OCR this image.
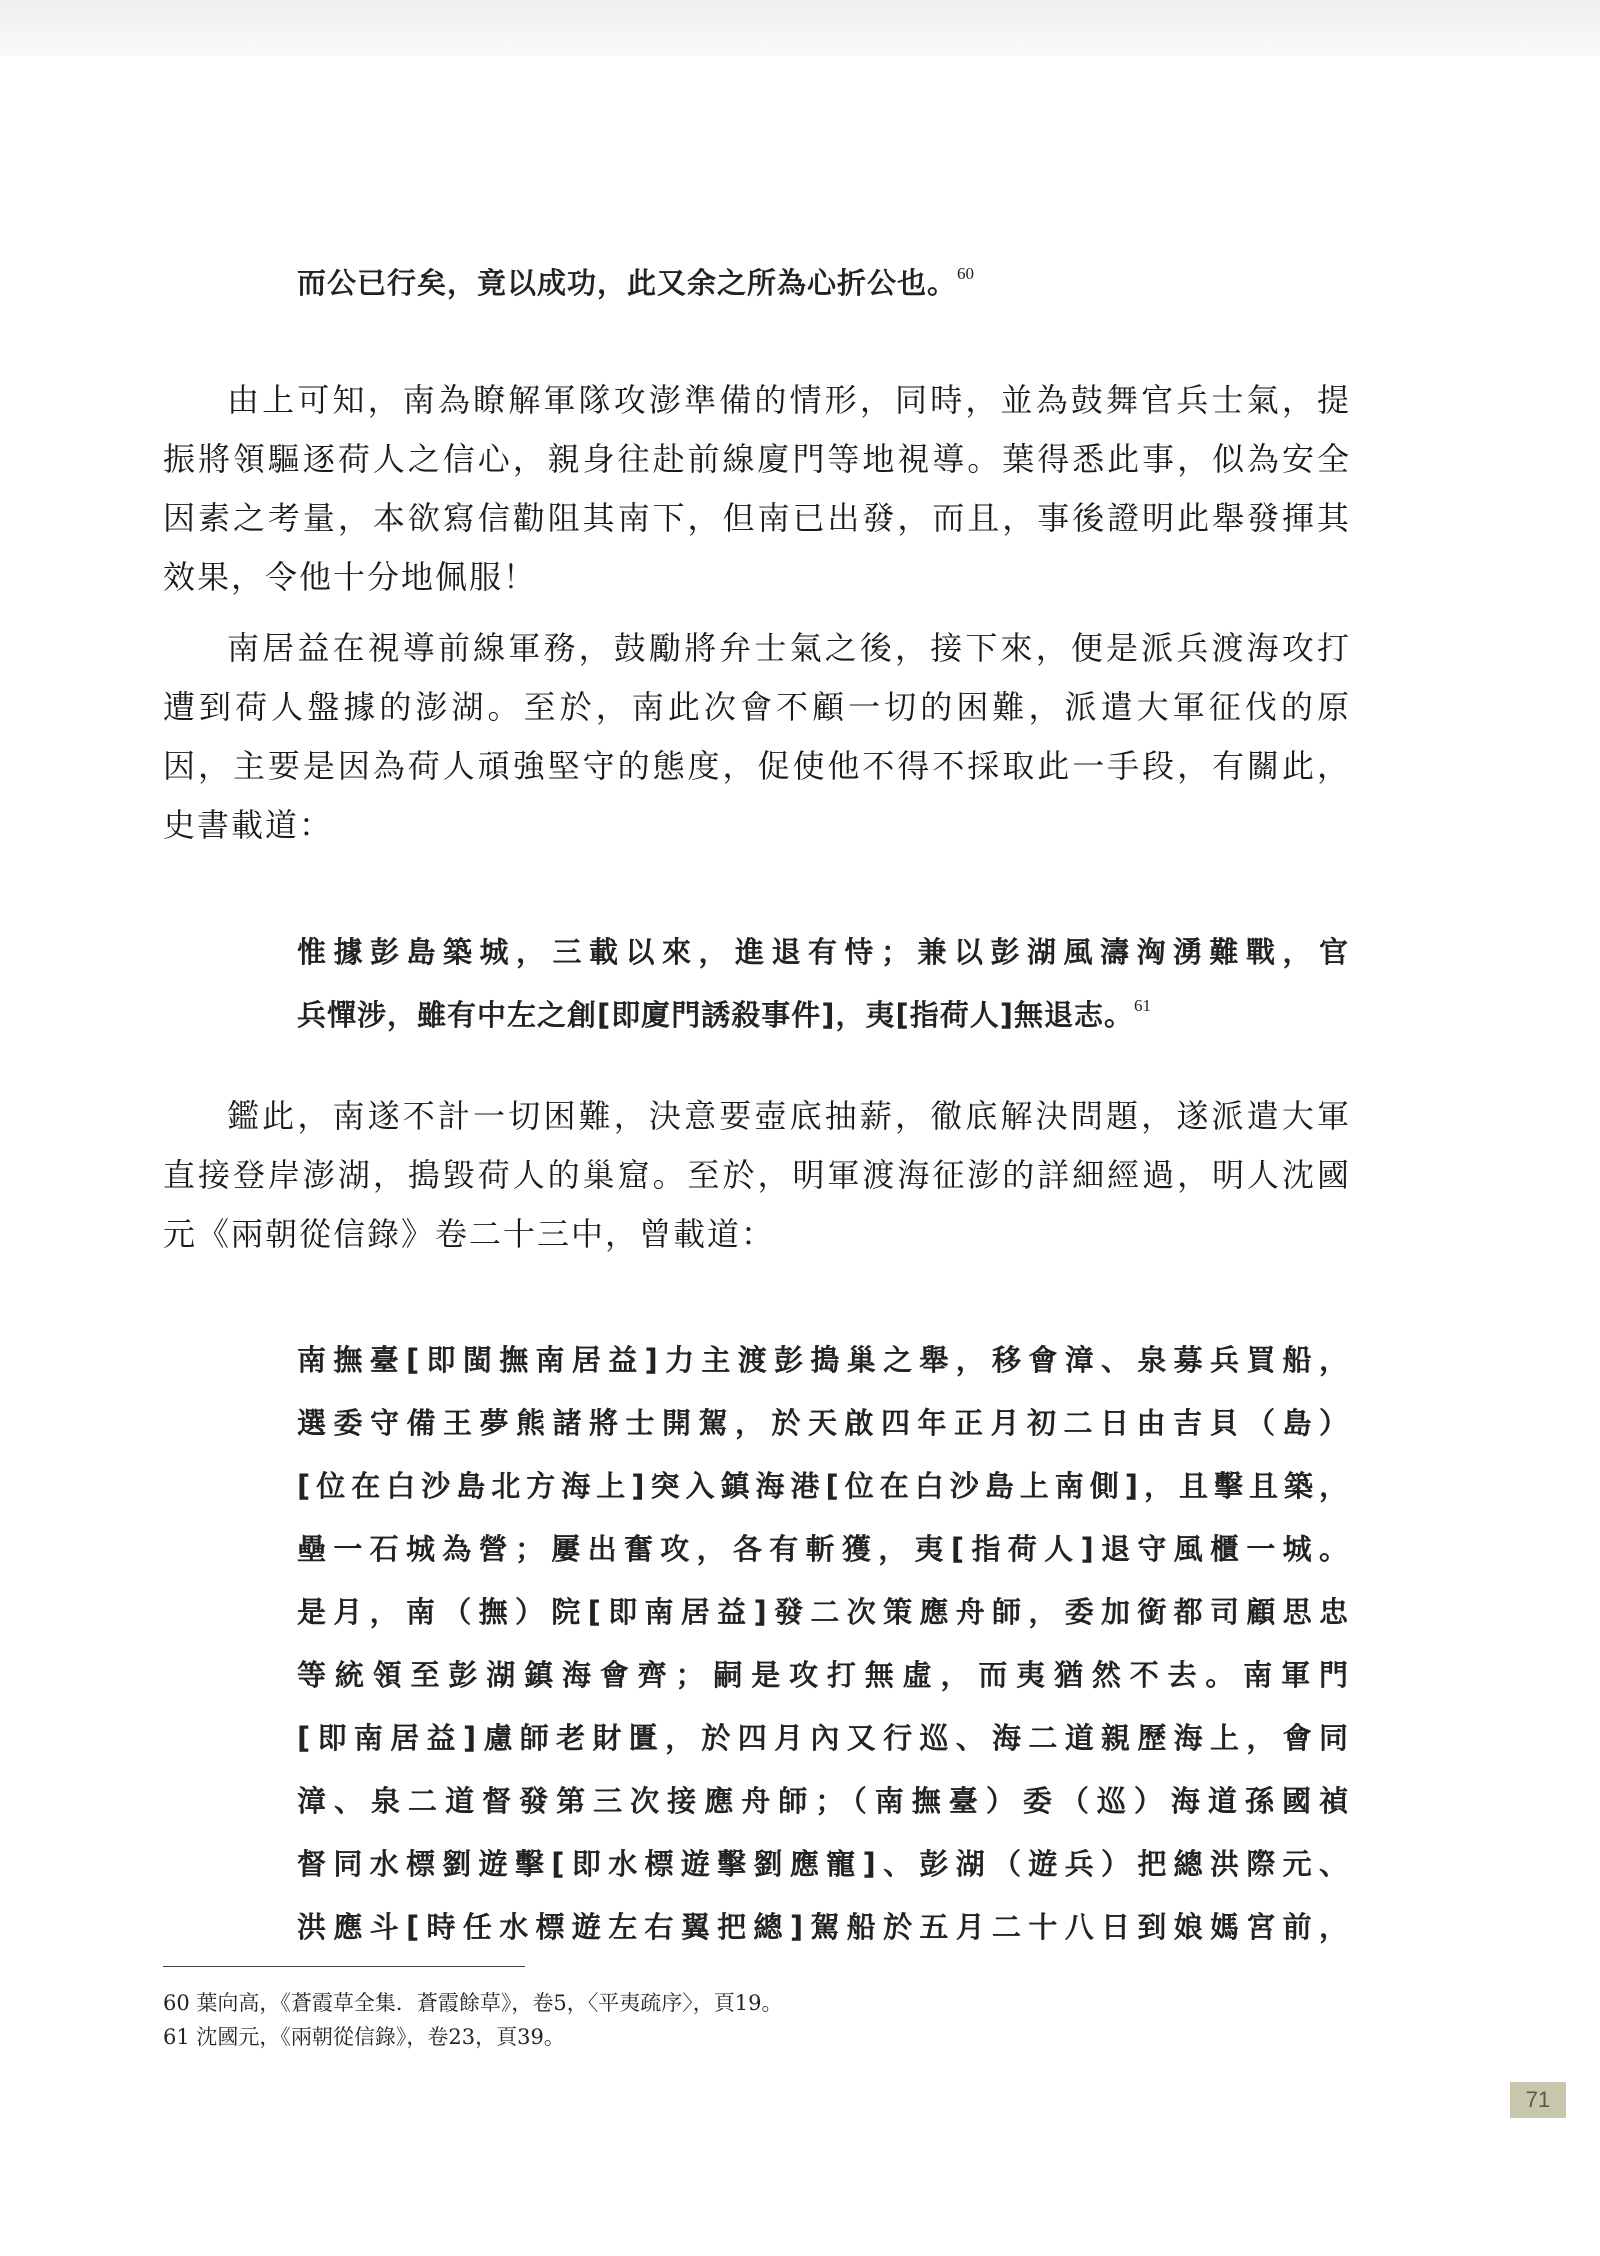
而公已行矣，竟以成功，此又余之所為心折公也。$^{60}$
由上可知，南為瞭解軍隊攻澎準備的情形，同時，並為鼓舞官兵士氣，提
振將領驅逐荷人之信心，親身往赴前線廈門等地視導。葉得悉此事，似為安全
因素之考量，本欲寫信勸阻其南下，但南已出發，而且，事後證明此舉發揮其
效果，令他十分地佩服！
南居益在視導前線軍務，鼓勵將弁士氣之後，接下來，便是派兵渡海攻打
遭到荷人盤據的澎湖。至於，南此次會不顧一切的困難，派遣大軍征伐的原
因，主要是因為荷人頑強堅守的態度，促使他不得不採取此一手段，有關此，
史書載道：
惟據彭島築城，三載以來，進退有恃；兼以彭湖風濤洶湧難戰，官
兵憚涉，雖有中左之創[即廈門誘殺事件]，夷[指荷人]無退志。$^{61}$
鑑此，南遂不計一切困難，決意要壺底抽薪，徹底解決問題，遂派遣大軍
直接登岸澎湖，搗毀荷人的巢窟。至於，明軍渡海征澎的詳細經過，明人沈國
元《兩朝從信錄》卷二十三中，曾載道：
南撫臺[即閩撫南居益]力主渡彭搗巢之舉，移會漳、泉募兵買船，
選委守備王夢熊諸將士開駕，於天啟四年正月初二日由吉貝（島）
[位在白沙島北方海上]突入鎮海港[位在白沙島上南側]，且擊且築，
壘一石城為營；屢出奮攻，各有斬獲，夷[指荷人]退守風櫃一城。
是月，南（撫）院[即南居益]發二次策應舟師，委加銜都司顧思忠
等統領至彭湖鎮海會齊；嗣是攻打無虛，而夷猶然不去。南軍門
[即南居益]慮師老財匱，於四月內又行巡、海二道親歷海上，會同
漳、泉二道督發第三次接應舟師；（南撫臺）委（巡）海道孫國禎
督同水標劉遊擊[即水標遊擊劉應寵]、彭湖（遊兵）把總洪際元、
洪應斗[時任水標遊左右翼把總]駕船於五月二十八日到娘媽宮前，
60 葉向高，《蒼霞草全集．蒼霞餘草》，卷5，〈平夷疏序〉，頁19。
61 沈國元，《兩朝從信錄》，卷23，頁39。
71
